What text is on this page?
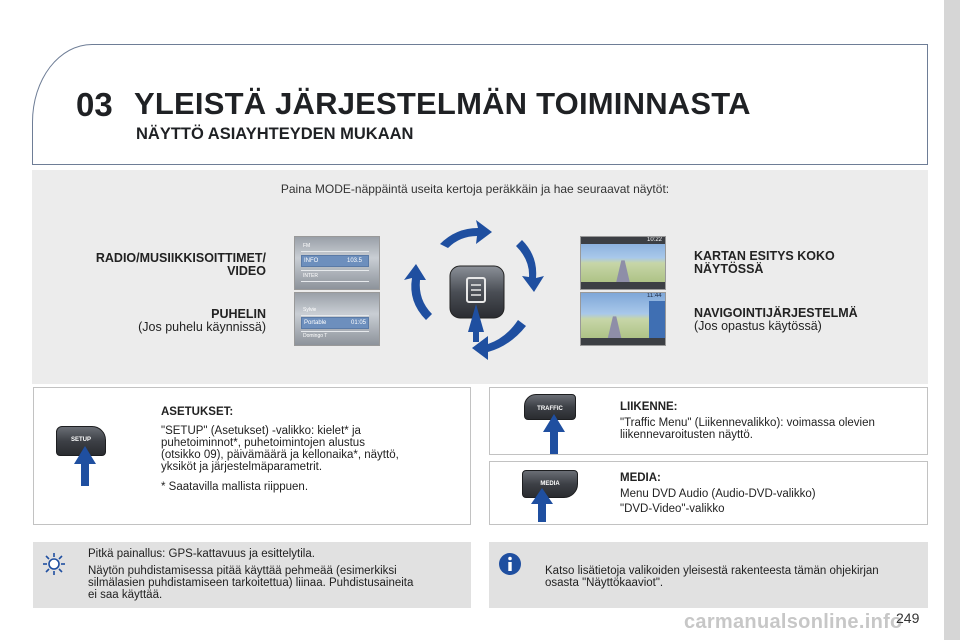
03 YLEISTÄ JÄRJESTELMÄN TOIMINNASTA
NÄYTTÖ ASIAYHTEYDEN MUKAAN
Paina MODE-näppäintä useita kertoja peräkkäin ja hae seuraavat näytöt:
RADIO/MUSIIKKISOITTIMET/
VIDEO
PUHELIN
(Jos puhelu käynnissä)
KARTAN ESITYS KOKO
NÄYTÖSSÄ
NAVIGOINTIJÄRJESTELMÄ
(Jos opastus käytössä)
FM
INFO	103.5
INTER
Sylvie
Portable	01:05
Domingo T
10:22
11:44
SETUP
ASETUKSET:
"SETUP" (Asetukset) -valikko: kielet* ja
puhetoiminnot*, puhetoimintojen alustus
(otsikko 09), päivämäärä ja kellonaika*, näyttö,
yksiköt ja järjestelmäparametrit.
* Saatavilla mallista riippuen.
TRAFFIC	LIIKENNE:
"Traffic Menu" (Liikennevalikko): voimassa olevien
liikennevaroitusten näyttö.
MEDIA	MEDIA:
Menu DVD Audio (Audio-DVD-valikko)
"DVD-Video"-valikko
Pitkä painallus: GPS-kattavuus ja esittelytila.
Näytön puhdistamisessa pitää käyttää pehmeää (esimerkiksi
silmälasien puhdistamiseen tarkoitettua) liinaa. Puhdistusaineita
ei saa käyttää.
Katso lisätietoja valikoiden yleisestä rakenteesta tämän ohjekirjan
osasta "Näyttökaaviot".
carmanualsonline.info
249
